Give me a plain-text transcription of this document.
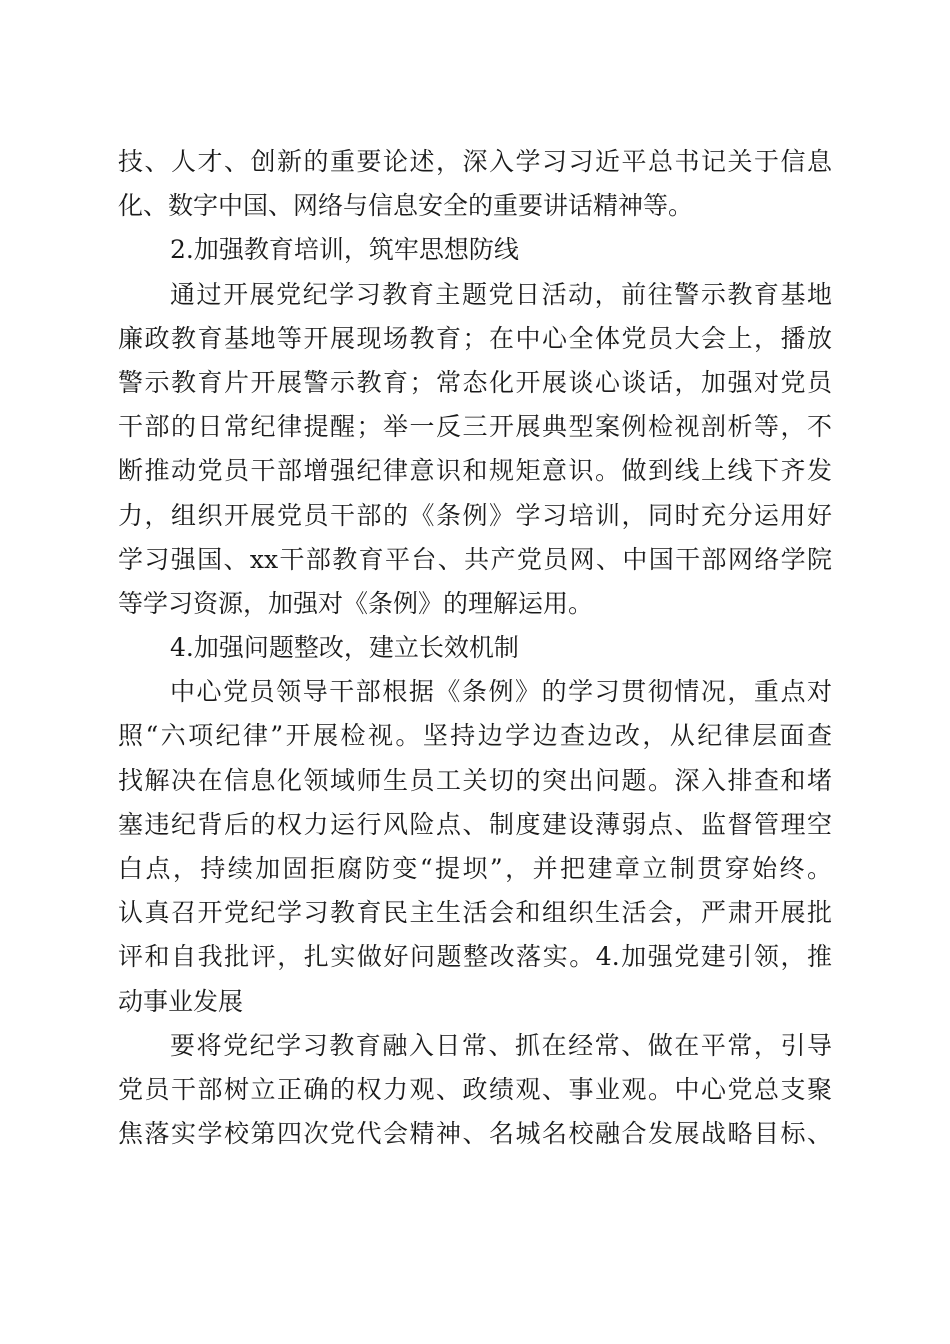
技、人才、创新的重要论述，深入学习习近平总书记关于信息
化、数字中国、网络与信息安全的重要讲话精神等。
2.加强教育培训，筑牢思想防线
通过开展党纪学习教育主题党日活动，前往警示教育基地
廉政教育基地等开展现场教育；在中心全体党员大会上，播放
警示教育片开展警示教育；常态化开展谈心谈话，加强对党员
干部的日常纪律提醒；举一反三开展典型案例检视剖析等，不
断推动党员干部增强纪律意识和规矩意识。做到线上线下齐发
力，组织开展党员干部的《条例》学习培训，同时充分运用好
学习强国、xx干部教育平台、共产党员网、中国干部网络学院
等学习资源，加强对《条例》的理解运用。
4.加强问题整改，建立长效机制
中心党员领导干部根据《条例》的学习贯彻情况，重点对
照“六项纪律”开展检视。坚持边学边查边改，从纪律层面查
找解决在信息化领域师生员工关切的突出问题。深入排查和堵
塞违纪背后的权力运行风险点、制度建设薄弱点、监督管理空
白点，持续加固拒腐防变“提坝”，并把建章立制贯穿始终。
认真召开党纪学习教育民主生活会和组织生活会，严肃开展批
评和自我批评，扎实做好问题整改落实。4.加强党建引领，推
动事业发展
要将党纪学习教育融入日常、抓在经常、做在平常，引导
党员干部树立正确的权力观、政绩观、事业观。中心党总支聚
焦落实学校第四次党代会精神、名城名校融合发展战略目标、
